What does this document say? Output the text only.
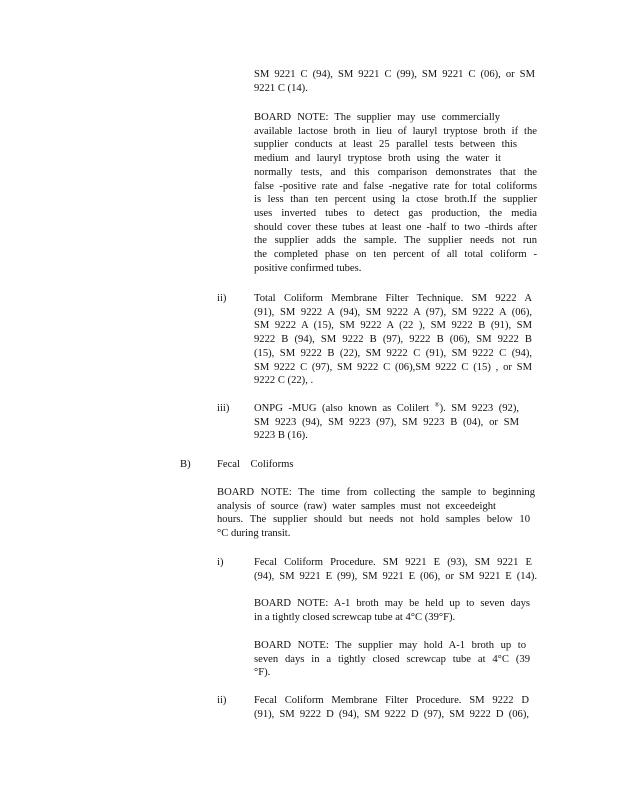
SM 9221 C (94), SM 9221 C (99), SM 9221 C (06), or SM
9221 C (14).
BOARD NOTE: The supplier may use commercially
available lactose broth in lieu of lauryl tryptose broth if the
supplier conducts at least 25 parallel tests between this
medium and lauryl tryptose broth using the water it
normally tests, and this comparison demonstrates that the
false -positive rate and false -negative rate for total coliforms
is less than ten percent using la ctose broth.If the supplier
uses inverted tubes to detect gas production, the media
should cover these tubes at least one -half to two -thirds after
the supplier adds the sample. The supplier needs not run
the completed phase on ten percent of all total coliform -
positive confirmed tubes.
ii)	Total Coliform Membrane Filter Technique. SM 9222 A
(91), SM 9222 A (94), SM 9222 A (97), SM 9222 A (06),
SM 9222 A (15), SM 9222 A (22 ), SM 9222 B (91), SM
9222 B (94), SM 9222 B (97), 9222 B (06), SM 9222 B
(15), SM 9222 B (22), SM 9222 C (91), SM 9222 C (94),
SM 9222 C (97), SM 9222 C (06),SM 9222 C (15) , or SM
9222 C (22), .
iii) ONPG -MUG (also known as Colilert ®). SM 9223 (92),
SM 9223 (94), SM 9223 (97), SM 9223 B (04), or SM
9223 B (16).
B) Fecal    Coliforms
BOARD NOTE: The time from collecting the sample to beginning
analysis of source (raw) water samples must not exceedeight
hours. The supplier should but needs not hold samples below 10
°C during transit.
i)	Fecal Coliform Procedure. SM 9221 E (93), SM 9221 E
(94), SM 9221 E (99), SM 9221 E (06), or SM 9221 E (14).
BOARD NOTE: A-1 broth may be held up to seven days
in a tightly closed screwcap tube at 4°C (39°F).
BOARD NOTE: The supplier may hold A-1 broth up to
seven days in a tightly closed screwcap tube at 4°C (39
°F).
ii)	Fecal Coliform Membrane Filter Procedure. SM 9222 D
(91), SM 9222 D (94), SM 9222 D (97), SM 9222 D (06),
